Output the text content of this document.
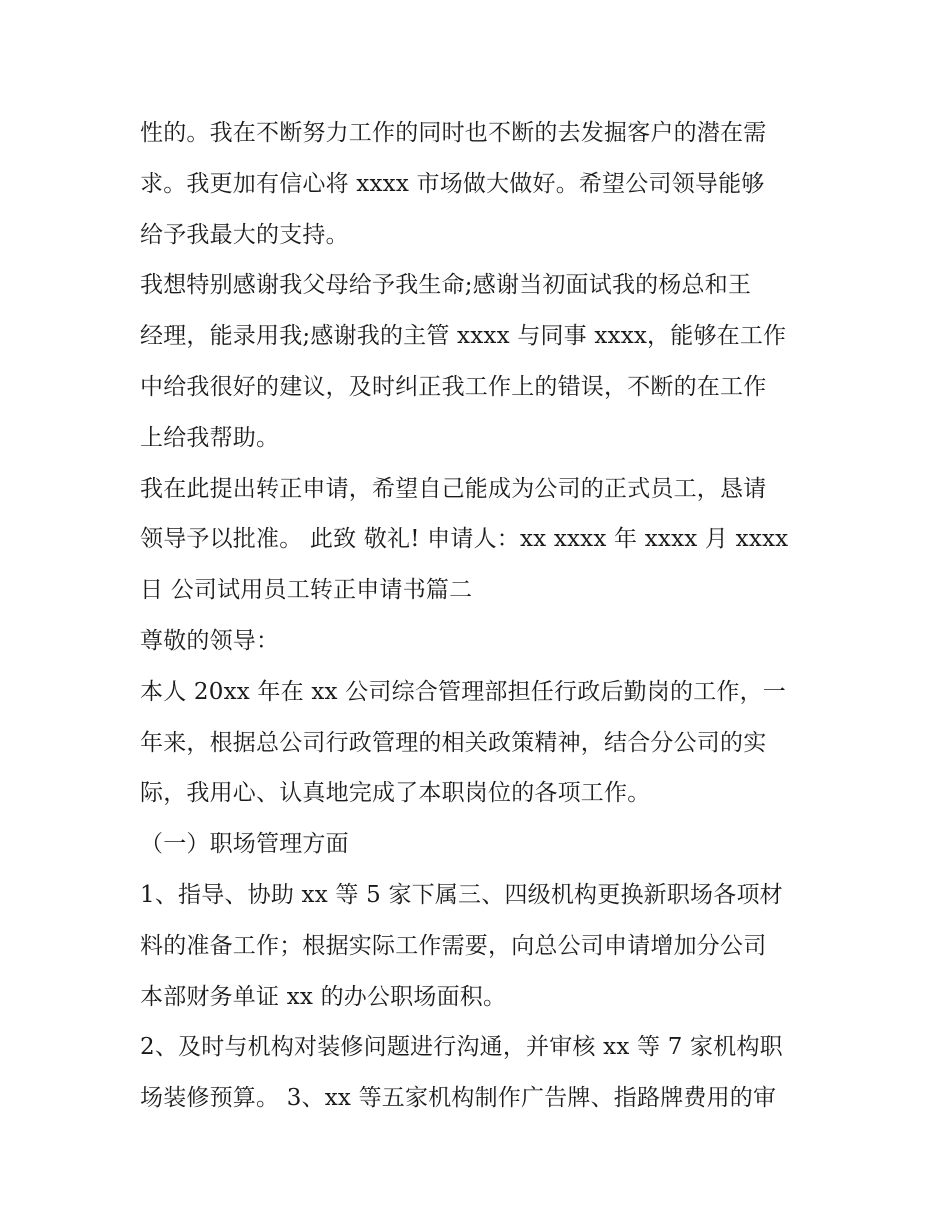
性的。我在不断努力工作的同时也不断的去发掘客户的潜在需
求。我更加有信心将 xxxx 市场做大做好。希望公司领导能够
给予我最大的支持。
我想特别感谢我父母给予我生命;感谢当初面试我的杨总和王
经理，能录用我;感谢我的主管 xxxx 与同事 xxxx，能够在工作
中给我很好的建议，及时纠正我工作上的错误，不断的在工作
上给我帮助。
我在此提出转正申请，希望自己能成为公司的正式员工，恳请
领导予以批准。 此致 敬礼! 申请人：xx xxxx 年 xxxx 月 xxxx
日 公司试用员工转正申请书篇二
尊敬的领导：
本人 20xx 年在 xx 公司综合管理部担任行政后勤岗的工作，一
年来，根据总公司行政管理的相关政策精神，结合分公司的实
际，我用心、认真地完成了本职岗位的各项工作。
（一）职场管理方面
1、指导、协助 xx 等 5 家下属三、四级机构更换新职场各项材
料的准备工作；根据实际工作需要，向总公司申请增加分公司
本部财务单证 xx 的办公职场面积。
2、及时与机构对装修问题进行沟通，并审核 xx 等 7 家机构职
场装修预算。 3、xx 等五家机构制作广告牌、指路牌费用的审
